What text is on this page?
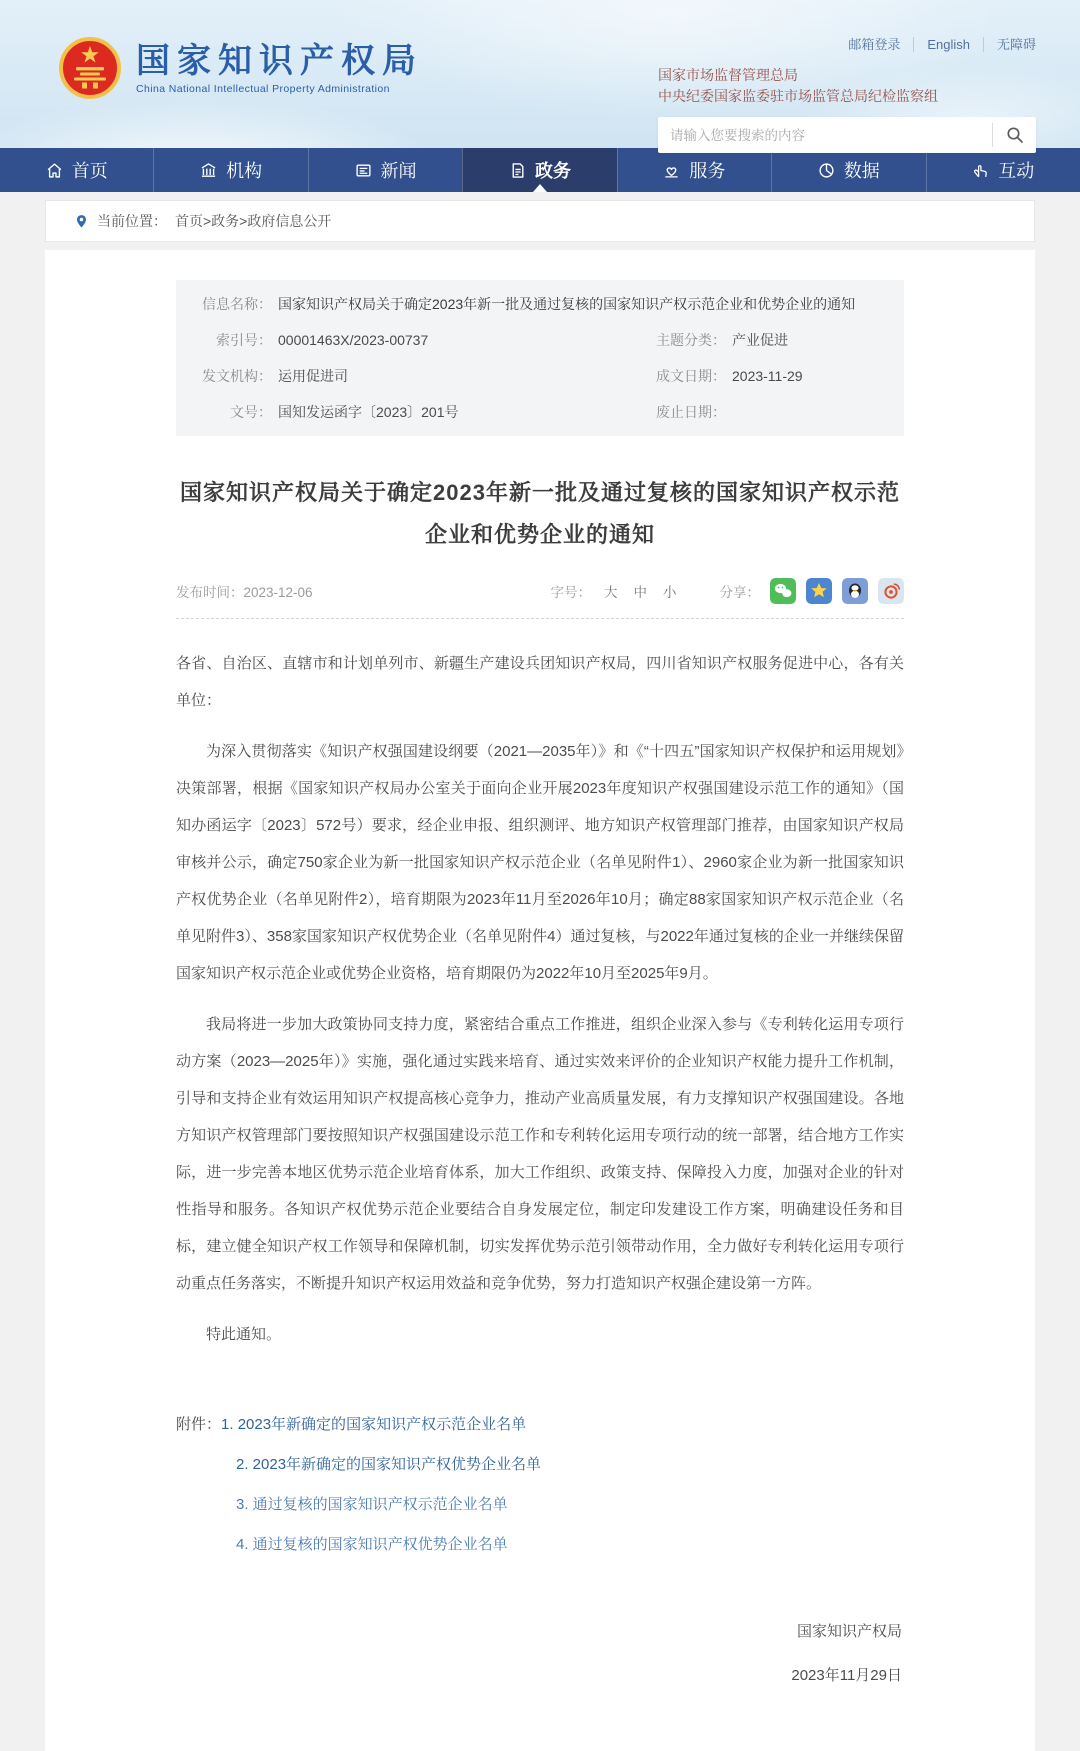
国家知识产权局
China National Intellectual Property Administration
邮箱登录 English 无障碍
国家市场监督管理总局
中央纪委国家监委驻市场监管总局纪检监察组
请输入您要搜索的内容
首页	机构	新闻	政务	服务	数据	互动
当前位置： 首页>政务>政府信息公开
信息名称： 国家知识产权局关于确定2023年新一批及通过复核的国家知识产权示范企业和优势企业的通知
索引号： 00001463X/2023-00737	主题分类： 产业促进
发文机构： 运用促进司	成文日期： 2023-11-29
文号： 国知发运函字〔2023〕201号	废止日期：
国家知识产权局关于确定2023年新一批及通过复核的国家知识产权示范企业和优势企业的通知
发布时间：2023-12-06	字号： 大 中 小	分享：

各省、自治区、直辖市和计划单列市、新疆生产建设兵团知识产权局，四川省知识产权服务促进中心，各有关单位：

为深入贯彻落实《知识产权强国建设纲要（2021—2035年）》和《“十四五”国家知识产权保护和运用规划》决策部署，根据《国家知识产权局办公室关于面向企业开展2023年度知识产权强国建设示范工作的通知》（国知办函运字〔2023〕572号）要求，经企业申报、组织测评、地方知识产权管理部门推荐，由国家知识产权局审核并公示，确定750家企业为新一批国家知识产权示范企业（名单见附件1）、2960家企业为新一批国家知识产权优势企业（名单见附件2），培育期限为2023年11月至2026年10月；确定88家国家知识产权示范企业（名单见附件3）、358家国家知识产权优势企业（名单见附件4）通过复核，与2022年通过复核的企业一并继续保留国家知识产权示范企业或优势企业资格，培育期限仍为2022年10月至2025年9月。

我局将进一步加大政策协同支持力度，紧密结合重点工作推进，组织企业深入参与《专利转化运用专项行动方案（2023—2025年）》实施，强化通过实践来培育、通过实效来评价的企业知识产权能力提升工作机制，引导和支持企业有效运用知识产权提高核心竞争力，推动产业高质量发展，有力支撑知识产权强国建设。各地方知识产权管理部门要按照知识产权强国建设示范工作和专利转化运用专项行动的统一部署，结合地方工作实际，进一步完善本地区优势示范企业培育体系，加大工作组织、政策支持、保障投入力度，加强对企业的针对性指导和服务。各知识产权优势示范企业要结合自身发展定位，制定印发建设工作方案，明确建设任务和目标，建立健全知识产权工作领导和保障机制，切实发挥优势示范引领带动作用，全力做好专利转化运用专项行动重点任务落实，不断提升知识产权运用效益和竞争优势，努力打造知识产权强企建设第一方阵。

特此通知。

附件：1. 2023年新确定的国家知识产权示范企业名单
2. 2023年新确定的国家知识产权优势企业名单
3. 通过复核的国家知识产权示范企业名单
4. 通过复核的国家知识产权优势企业名单
国家知识产权局
2023年11月29日
